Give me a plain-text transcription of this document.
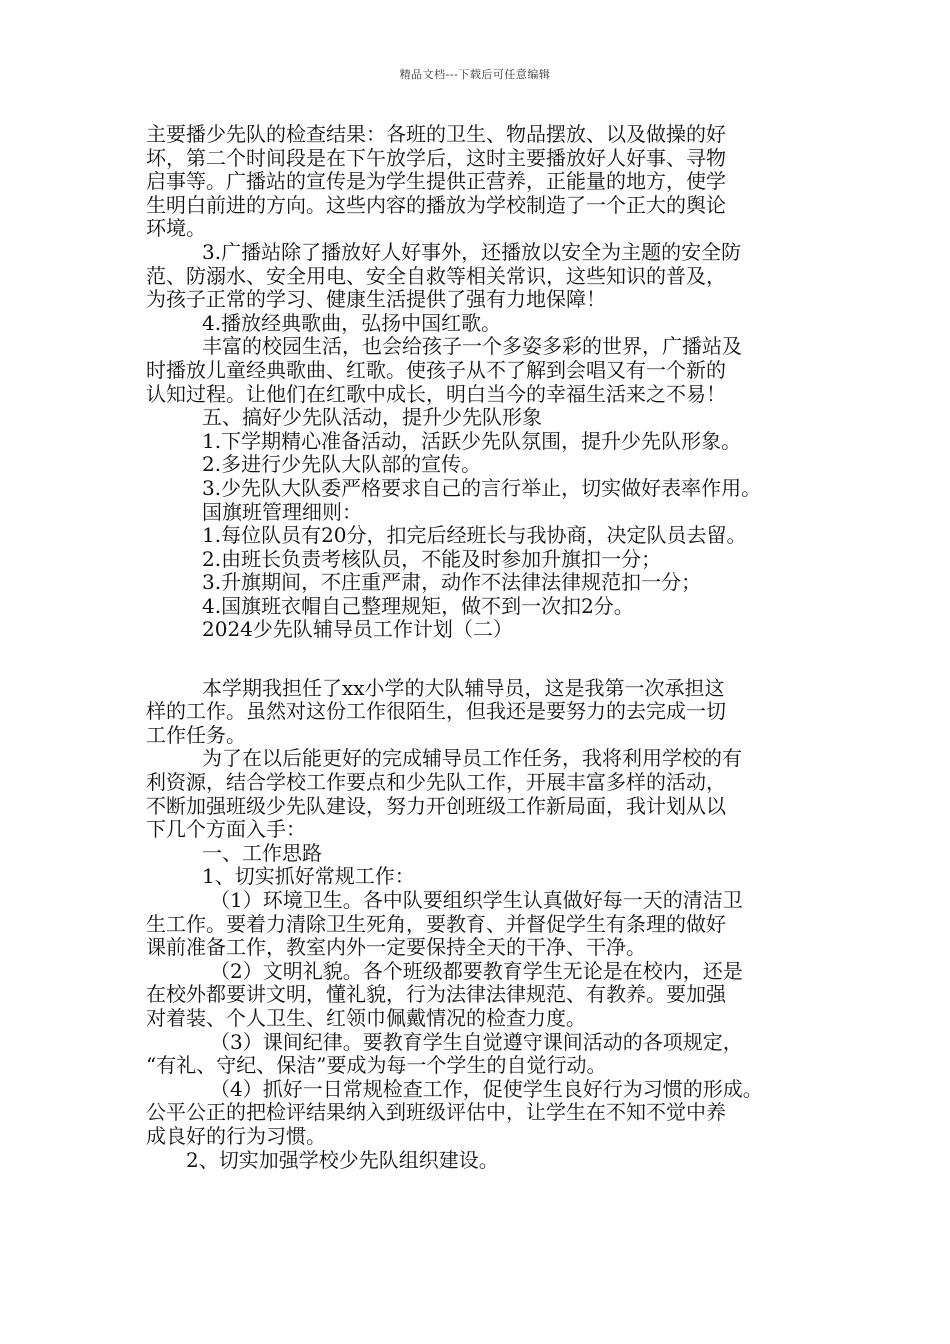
精品文档---下载后可任意编辑
主要播少先队的检查结果：各班的卫生、物品摆放、以及做操的好
坏，第二个时间段是在下午放学后，这时主要播放好人好事、寻物
启事等。广播站的宣传是为学生提供正营养，正能量的地方，使学
生明白前进的方向。这些内容的播放为学校制造了一个正大的舆论
环境。
3.广播站除了播放好人好事外，还播放以安全为主题的安全防
范、防溺水、安全用电、安全自救等相关常识，这些知识的普及，
为孩子正常的学习、健康生活提供了强有力地保障！
4.播放经典歌曲，弘扬中国红歌。
丰富的校园生活，也会给孩子一个多姿多彩的世界，广播站及
时播放儿童经典歌曲、红歌。使孩子从不了解到会唱又有一个新的
认知过程。让他们在红歌中成长，明白当今的幸福生活来之不易！
五、搞好少先队活动，提升少先队形象
1.下学期精心准备活动，活跃少先队氛围，提升少先队形象。
2.多进行少先队大队部的宣传。
3.少先队大队委严格要求自己的言行举止，切实做好表率作用。
国旗班管理细则：
1.每位队员有20分，扣完后经班长与我协商，决定队员去留。
2.由班长负责考核队员，不能及时参加升旗扣一分；
3.升旗期间，不庄重严肃，动作不法律法律规范扣一分；
4.国旗班衣帽自己整理规矩，做不到一次扣2分。
2024少先队辅导员工作计划（二）
本学期我担任了xx小学的大队辅导员，这是我第一次承担这
样的工作。虽然对这份工作很陌生，但我还是要努力的去完成一切
工作任务。
为了在以后能更好的完成辅导员工作任务，我将利用学校的有
利资源，结合学校工作要点和少先队工作，开展丰富多样的活动，
不断加强班级少先队建设，努力开创班级工作新局面，我计划从以
下几个方面入手：
一、工作思路
1、切实抓好常规工作：
（1）环境卫生。各中队要组织学生认真做好每一天的清洁卫
生工作。要着力清除卫生死角，要教育、并督促学生有条理的做好
课前准备工作，教室内外一定要保持全天的干净、干净。
（2）文明礼貌。各个班级都要教育学生无论是在校内，还是
在校外都要讲文明，懂礼貌，行为法律法律规范、有教养。要加强
对着装、个人卫生、红领巾佩戴情况的检查力度。
（3）课间纪律。要教育学生自觉遵守课间活动的各项规定，
“有礼、守纪、保洁”要成为每一个学生的自觉行动。
（4）抓好一日常规检查工作，促使学生良好行为习惯的形成。
公平公正的把检评结果纳入到班级评估中，让学生在不知不觉中养
成良好的行为习惯。
2、切实加强学校少先队组织建设。
